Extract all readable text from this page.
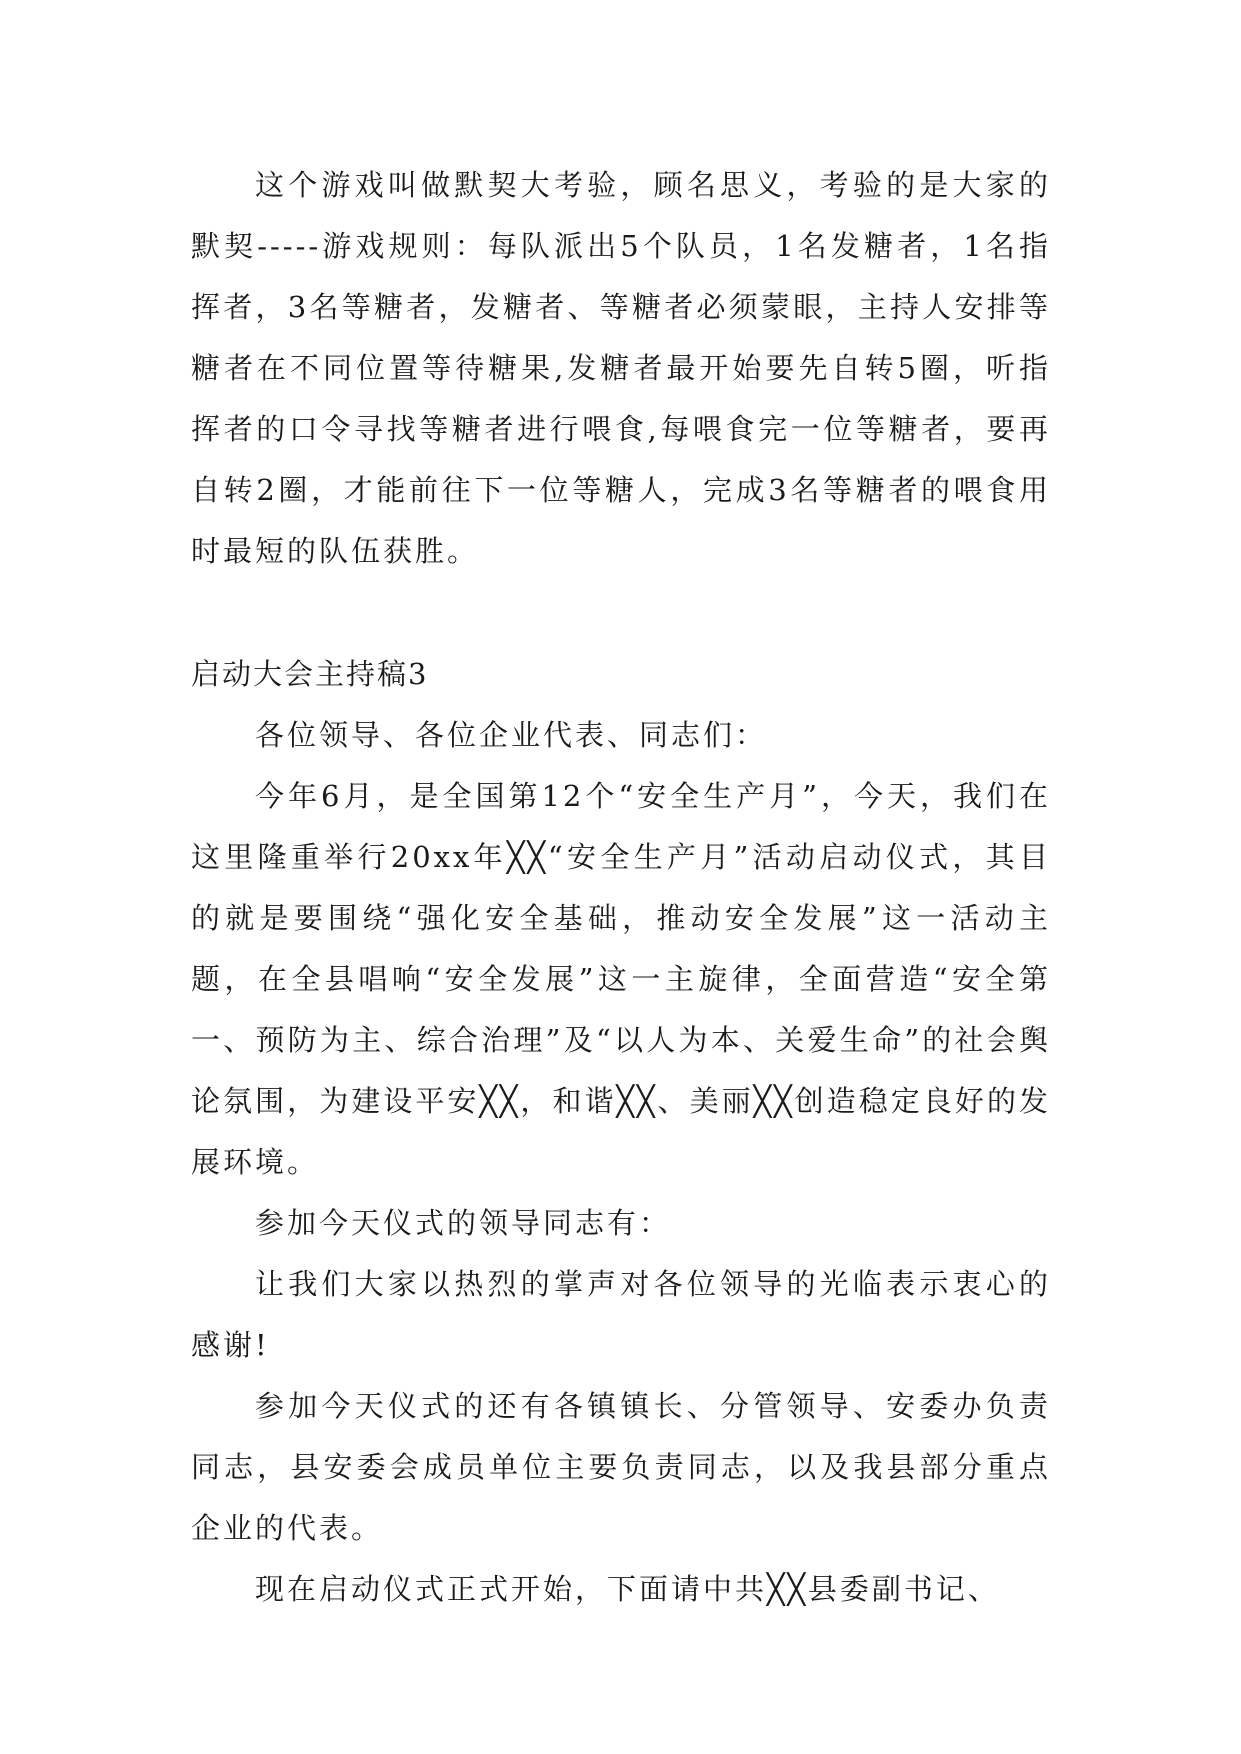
这个游戏叫做默契大考验，顾名思义，考验的是大家的默契-----游戏规则：每队派出5个队员，1名发糖者，1名指挥者，3名等糖者，发糖者、等糖者必须蒙眼，主持人安排等糖者在不同位置等待糖果,发糖者最开始要先自转5圈，听指挥者的口令寻找等糖者进行喂食,每喂食完一位等糖者，要再自转2圈，才能前往下一位等糖人，完成3名等糖者的喂食用时最短的队伍获胜。

启动大会主持稿3

各位领导、各位企业代表、同志们：

今年6月，是全国第12个“安全生产月”，今天，我们在这里隆重举行20xx年╳╳“安全生产月”活动启动仪式，其目的就是要围绕“强化安全基础，推动安全发展”这一活动主题，在全县唱响“安全发展”这一主旋律，全面营造“安全第一、预防为主、综合治理”及“以人为本、关爱生命”的社会舆论氛围，为建设平安╳╳，和谐╳╳、美丽╳╳创造稳定良好的发展环境。

参加今天仪式的领导同志有：

让我们大家以热烈的掌声对各位领导的光临表示衷心的感谢!

参加今天仪式的还有各镇镇长、分管领导、安委办负责同志，县安委会成员单位主要负责同志，以及我县部分重点企业的代表。

现在启动仪式正式开始，下面请中共╳╳县委副书记、
